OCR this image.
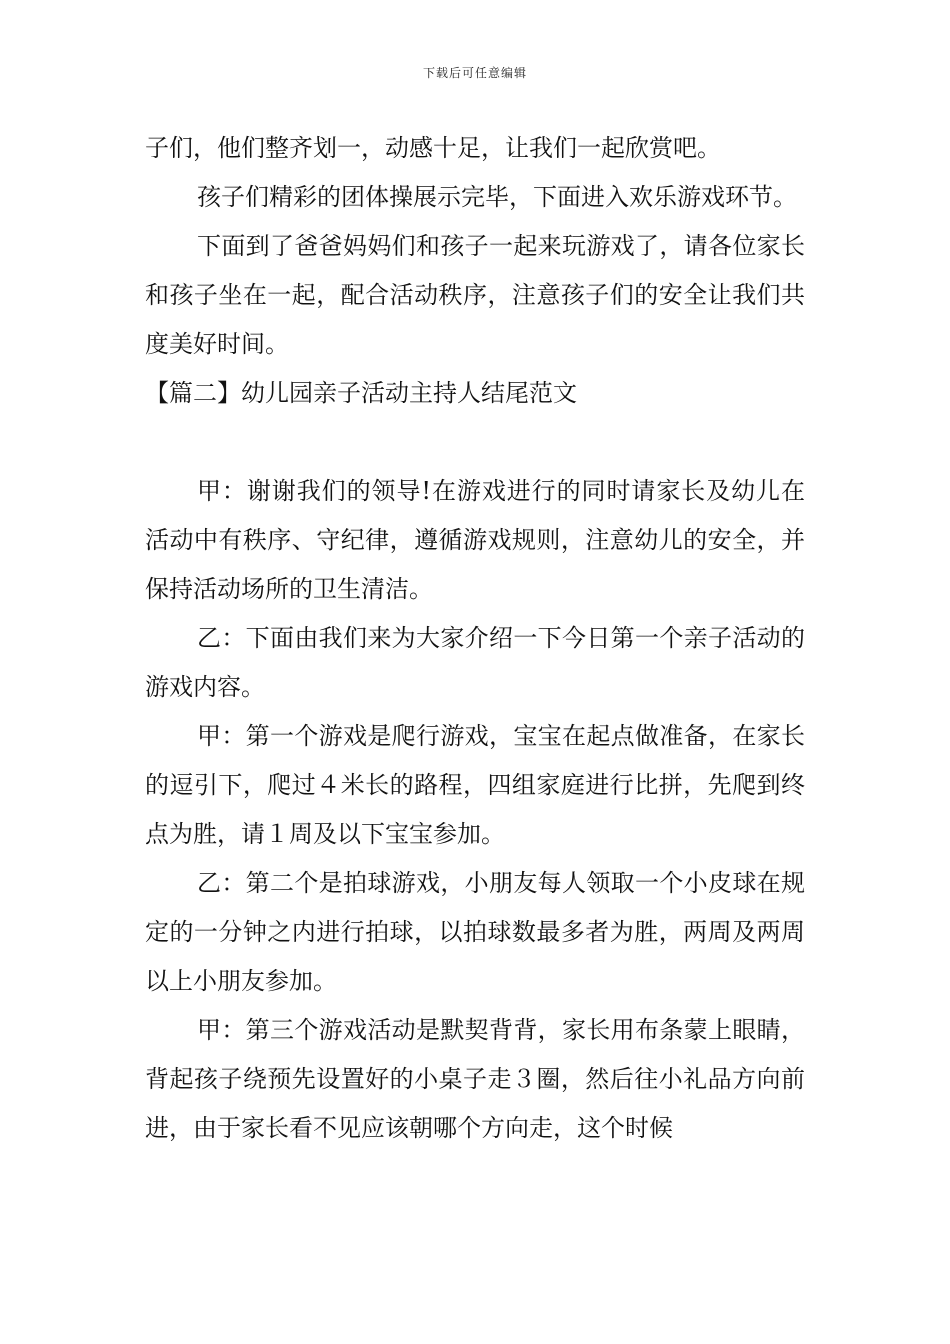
下载后可任意编辑

子们，他们整齐划一，动感十足，让我们一起欣赏吧。

孩子们精彩的团体操展示完毕，下面进入欢乐游戏环节。

下面到了爸爸妈妈们和孩子一起来玩游戏了，请各位家长和孩子坐在一起，配合活动秩序，注意孩子们的安全让我们共度美好时间。

【篇二】幼儿园亲子活动主持人结尾范文

甲：谢谢我们的领导!在游戏进行的同时请家长及幼儿在活动中有秩序、守纪律，遵循游戏规则，注意幼儿的安全，并保持活动场所的卫生清洁。

乙：下面由我们来为大家介绍一下今日第一个亲子活动的游戏内容。

甲：第一个游戏是爬行游戏，宝宝在起点做准备，在家长的逗引下，爬过４米长的路程，四组家庭进行比拼，先爬到终点为胜，请１周及以下宝宝参加。

乙：第二个是拍球游戏，小朋友每人领取一个小皮球在规定的一分钟之内进行拍球，以拍球数最多者为胜，两周及两周以上小朋友参加。

甲：第三个游戏活动是默契背背，家长用布条蒙上眼睛，背起孩子绕预先设置好的小桌子走３圈，然后往小礼品方向前进，由于家长看不见应该朝哪个方向走，这个时候
